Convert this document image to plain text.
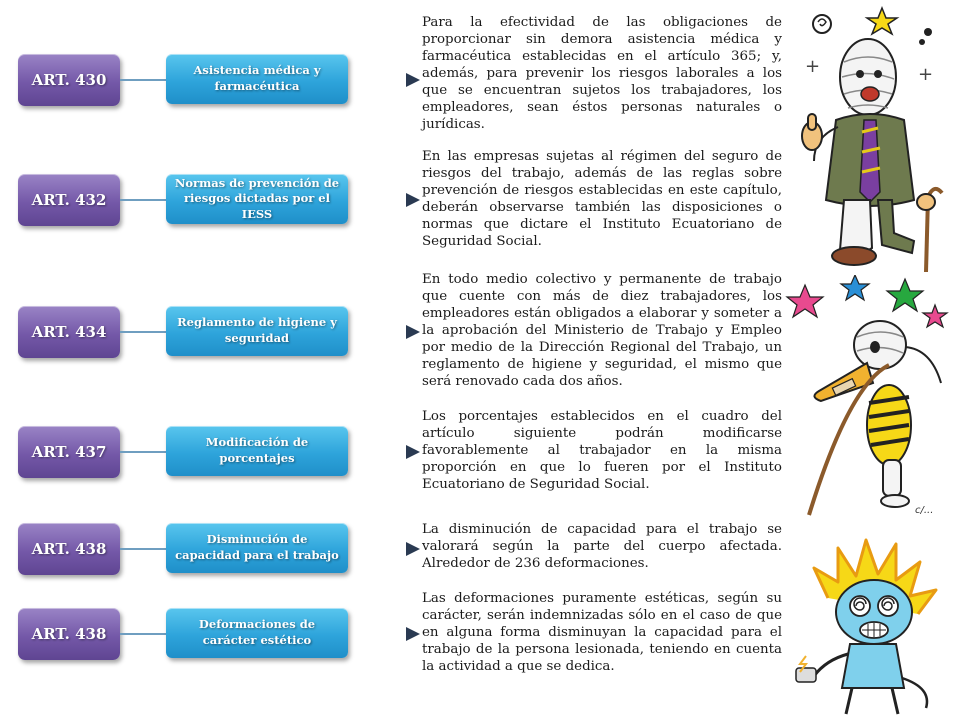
ART. 430
Asistencia médica y farmacéutica
Para la efectividad de las obligaciones de proporcionar sin demora asistencia médica y farmacéutica establecidas en el artículo 365; y, además, para prevenir los riesgos laborales a los que se encuentran sujetos los trabajadores, los empleadores, sean éstos personas naturales o jurídicas.
ART. 432
Normas de prevención de riesgos dictadas por el IESS
En las empresas sujetas al régimen del seguro de riesgos del trabajo, además de las reglas sobre prevención de riesgos establecidas en este capítulo, deberán observarse también las disposiciones o normas que dictare el Instituto Ecuatoriano de Seguridad Social.
ART. 434
Reglamento de higiene y seguridad
En todo medio colectivo y permanente de trabajo que cuente con más de diez trabajadores, los empleadores están obligados a elaborar y someter a la aprobación del Ministerio de Trabajo y Empleo por medio de la Dirección Regional del Trabajo, un reglamento de higiene y seguridad, el mismo que será renovado cada dos años.
ART. 437
Modificación de porcentajes
Los porcentajes establecidos en el cuadro del artículo siguiente podrán modificarse favorablemente al trabajador en la misma proporción en que lo fueren por el Instituto Ecuatoriano de Seguridad Social.
ART. 438
Disminución de capacidad para el trabajo
La disminución de capacidad para el trabajo se valorará según la parte del cuerpo afectada. Alrededor de 236 deformaciones.
ART. 438
Deformaciones de carácter estético
Las deformaciones puramente estéticas, según su carácter, serán indemnizadas sólo en el caso de que en alguna forma disminuyan la capacidad para el trabajo de la persona lesionada, teniendo en cuenta la actividad a que se dedica.
+	+
c/...
